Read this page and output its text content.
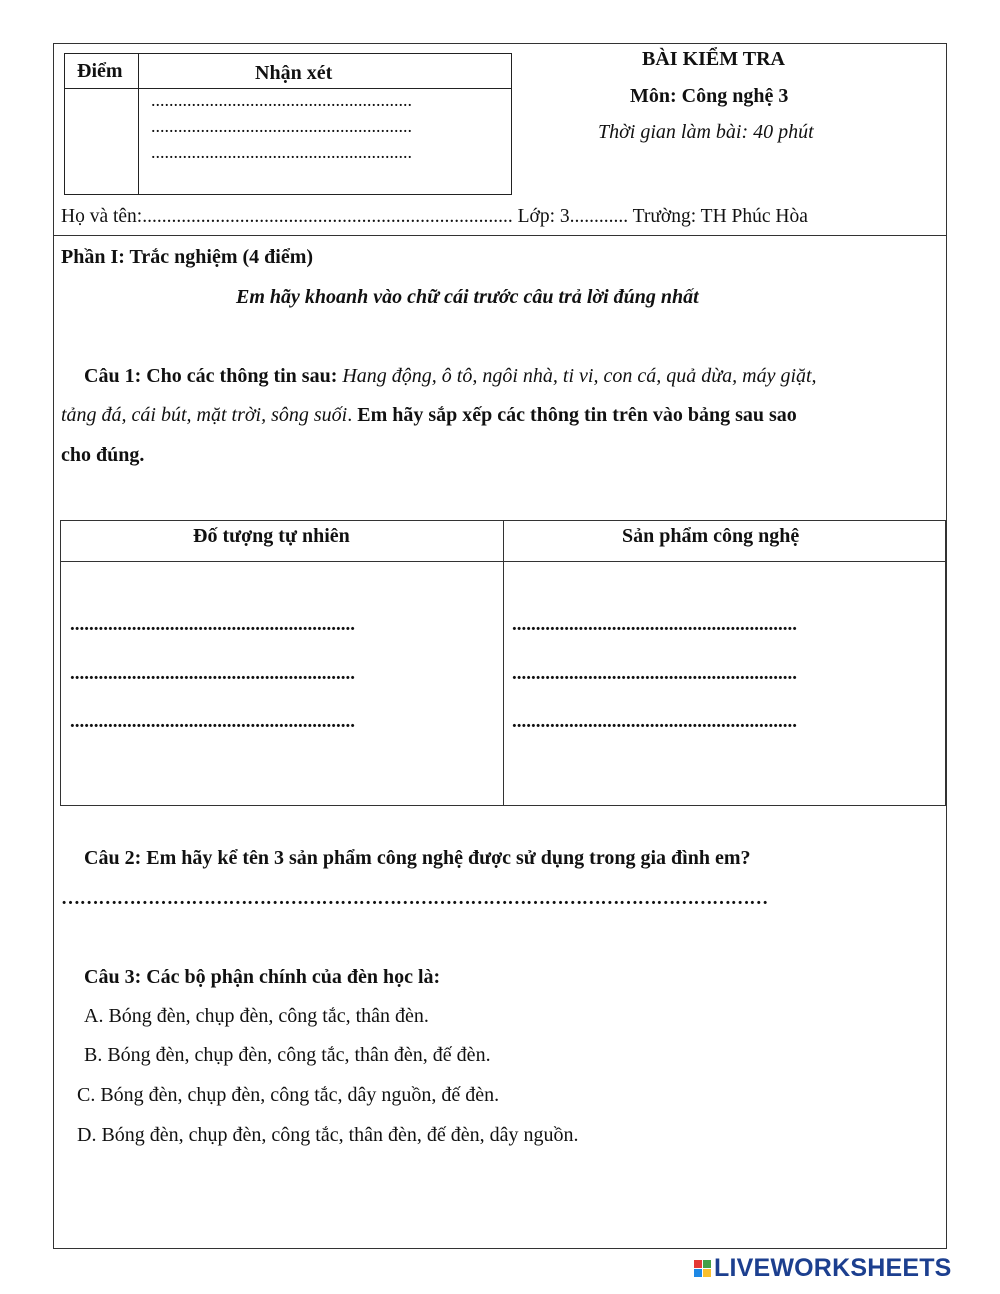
Điểm	Nhận xét
..........................................................
..........................................................
..........................................................
BÀI KIỂM TRA
Môn: Công nghệ 3
Thời gian làm bài: 40 phút
Họ và tên:............................................................................ Lớp: 3............ Trường: TH Phúc Hòa
Phần I: Trắc nghiệm (4 điểm)
Em hãy khoanh vào chữ cái trước câu trả lời đúng nhất
Câu 1: Cho các thông tin sau: Hang động, ô tô, ngôi nhà, ti vi, con cá, quả dừa, máy giặt,
tảng đá, cái bút, mặt trời, sông suối. Em hãy sắp xếp các thông tin trên vào bảng sau sao
cho đúng.
Đố tượng tự nhiên	Sản phẩm công nghệ
............................................................
............................................................
............................................................
............................................................
............................................................
............................................................
Câu 2: Em hãy kể tên 3 sản phẩm công nghệ được sử dụng trong gia đình em?
……………………………………………………………………………………………………
Câu 3: Các bộ phận chính của đèn học là:
A. Bóng đèn, chụp đèn, công tắc, thân đèn.
B. Bóng đèn, chụp đèn, công tắc, thân đèn, đế đèn.
C. Bóng đèn, chụp đèn, công tắc, dây nguồn, đế đèn.
D. Bóng đèn, chụp đèn, công tắc, thân đèn, đế đèn, dây nguồn.
LIVEWORKSHEETS
